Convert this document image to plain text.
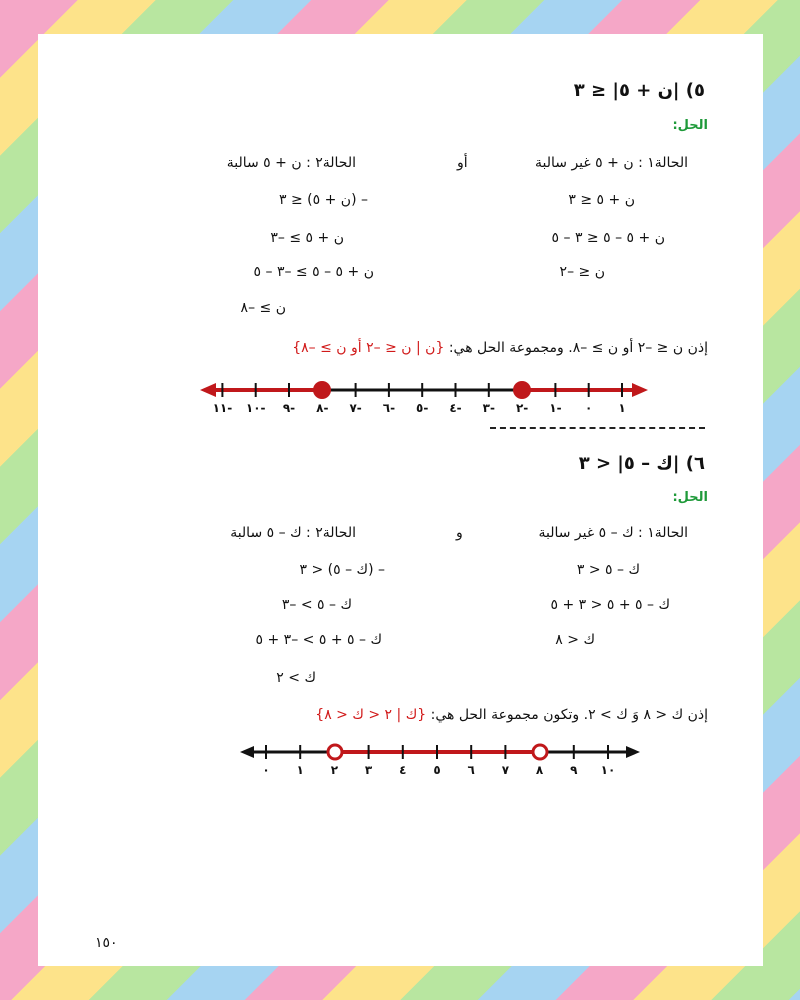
٥) |ن + ٥| ≤ ٣
الحل:
الحالة١ : ن + ٥ غير سالبة
أو
الحالة٢ : ن + ٥ سالبة
ن + ٥ ≤ ٣
– (ن + ٥) ≤ ٣
ن + ٥ – ٥ ≤ ٣ – ٥
ن + ٥ ≥ –٣
ن ≤ –٢
ن + ٥ – ٥ ≥ –٣ – ٥
ن ≥ –٨
إذن ن ≤ –٢ أو ن ≥ –٨. ومجموعة الحل هي: {ن | ن ≤ –٢ أو ن ≥ –٨}
١
٠
١-
٢-
٣-
٤-
٥-
٦-
٧-
٨-
٩-
١٠-
١١-
٦) |ك – ٥| < ٣
الحل:
الحالة١ : ك – ٥ غير سالبة
و
الحالة٢ : ك – ٥ سالبة
ك – ٥ < ٣
– (ك – ٥) < ٣
ك – ٥ + ٥ < ٣ + ٥
ك – ٥ > –٣
ك < ٨
ك – ٥ + ٥ > –٣ + ٥
ك > ٢
إذن ك < ٨ وَ ك > ٢. وتكون مجموعة الحل هي: {ك | ٢ < ك < ٨}
٠ ١ ٢ ٣ ٤ ٥ ٦ ٧ ٨ ٩ ١٠
١٥٠
